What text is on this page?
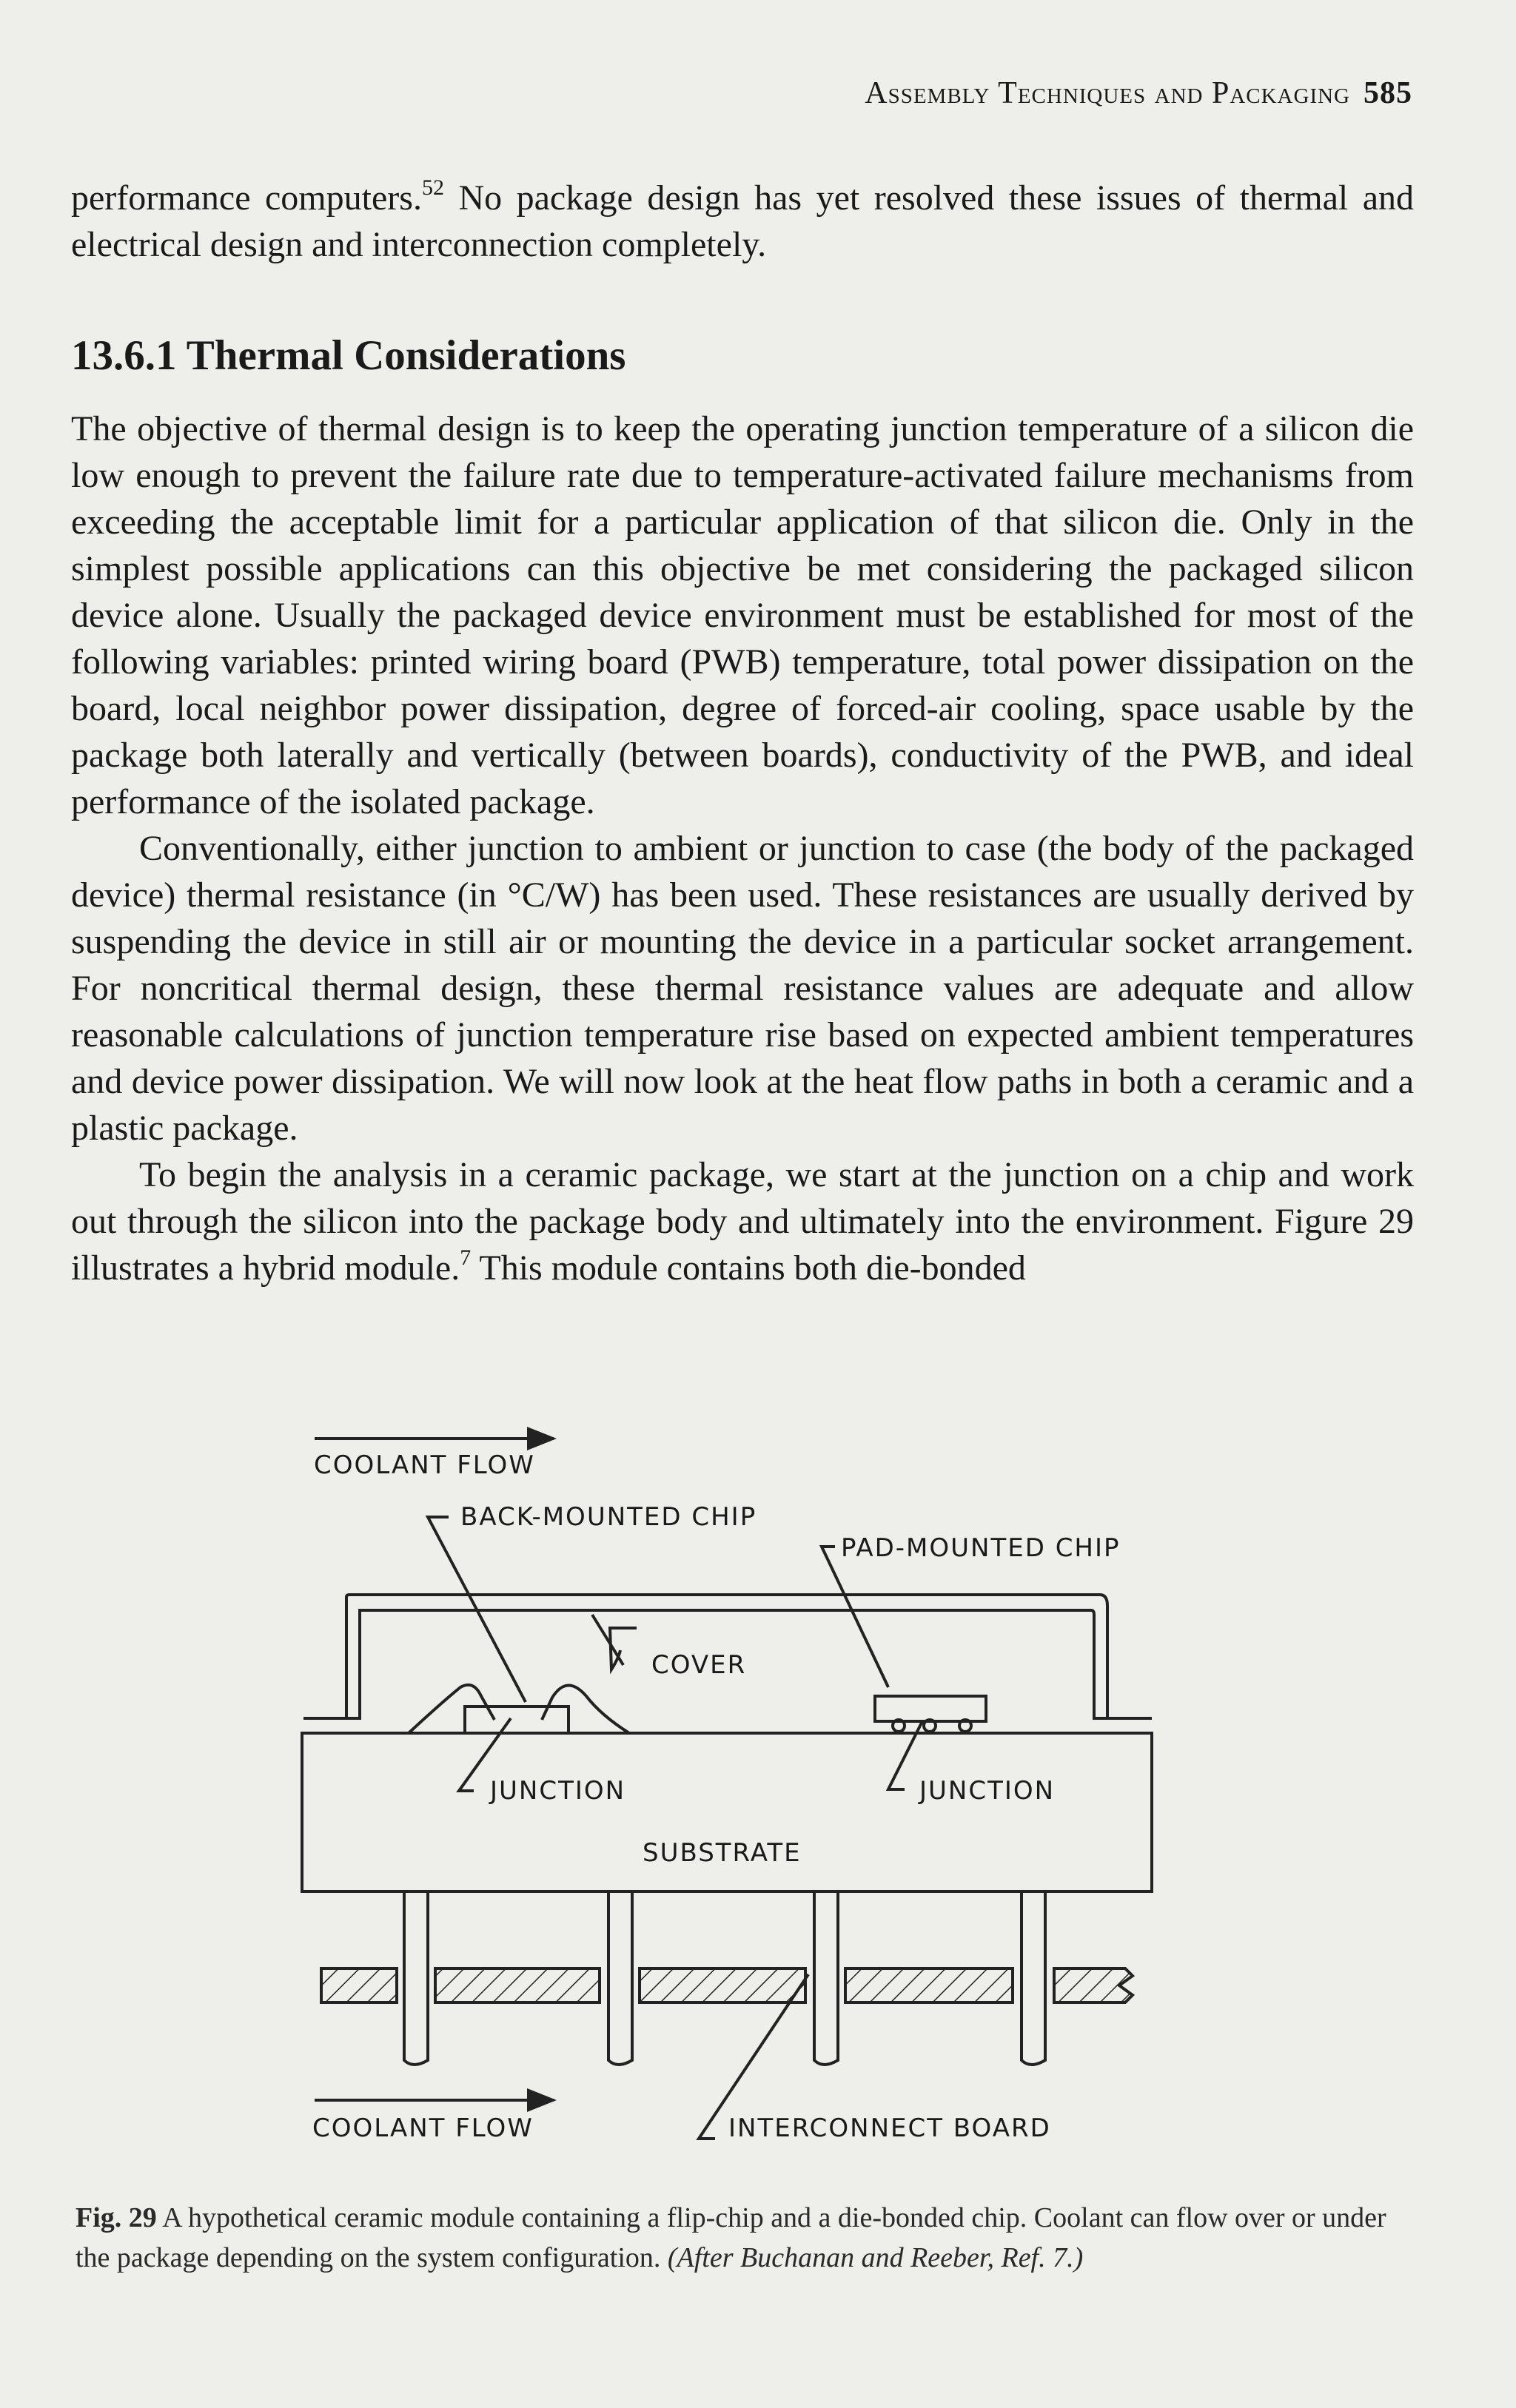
Assembly Techniques and Packaging 585

performance computers.$^{52}$ No package design has yet resolved these issues of thermal and electrical design and interconnection completely.

13.6.1 Thermal Considerations

The objective of thermal design is to keep the operating junction temperature of a silicon die low enough to prevent the failure rate due to temperature-activated failure mechanisms from exceeding the acceptable limit for a particular application of that silicon die. Only in the simplest possible applications can this objective be met considering the packaged silicon device alone. Usually the packaged device environment must be established for most of the following variables: printed wiring board (PWB) temperature, total power dissipation on the board, local neighbor power dissipation, degree of forced-air cooling, space usable by the package both laterally and vertically (between boards), conductivity of the PWB, and ideal performance of the isolated package.

Conventionally, either junction to ambient or junction to case (the body of the packaged device) thermal resistance (in °C/W) has been used. These resistances are usually derived by suspending the device in still air or mounting the device in a particular socket arrangement. For noncritical thermal design, these thermal resistance values are adequate and allow reasonable calculations of junction temperature rise based on expected ambient temperatures and device power dissipation. We will now look at the heat flow paths in both a ceramic and a plastic package.

To begin the analysis in a ceramic package, we start at the junction on a chip and work out through the silicon into the package body and ultimately into the environment. Figure 29 illustrates a hybrid module.$^7$ This module contains both die-bonded

COOLANT FLOW
BACK-MOUNTED CHIP
PAD-MOUNTED CHIP
COVER
JUNCTION	JUNCTION
SUBSTRATE
COOLANT FLOW	INTERCONNECT BOARD
Fig. 29 A hypothetical ceramic module containing a flip-chip and a die-bonded chip. Coolant can flow over or under the package depending on the system configuration. (After Buchanan and Reeber, Ref. 7.)
